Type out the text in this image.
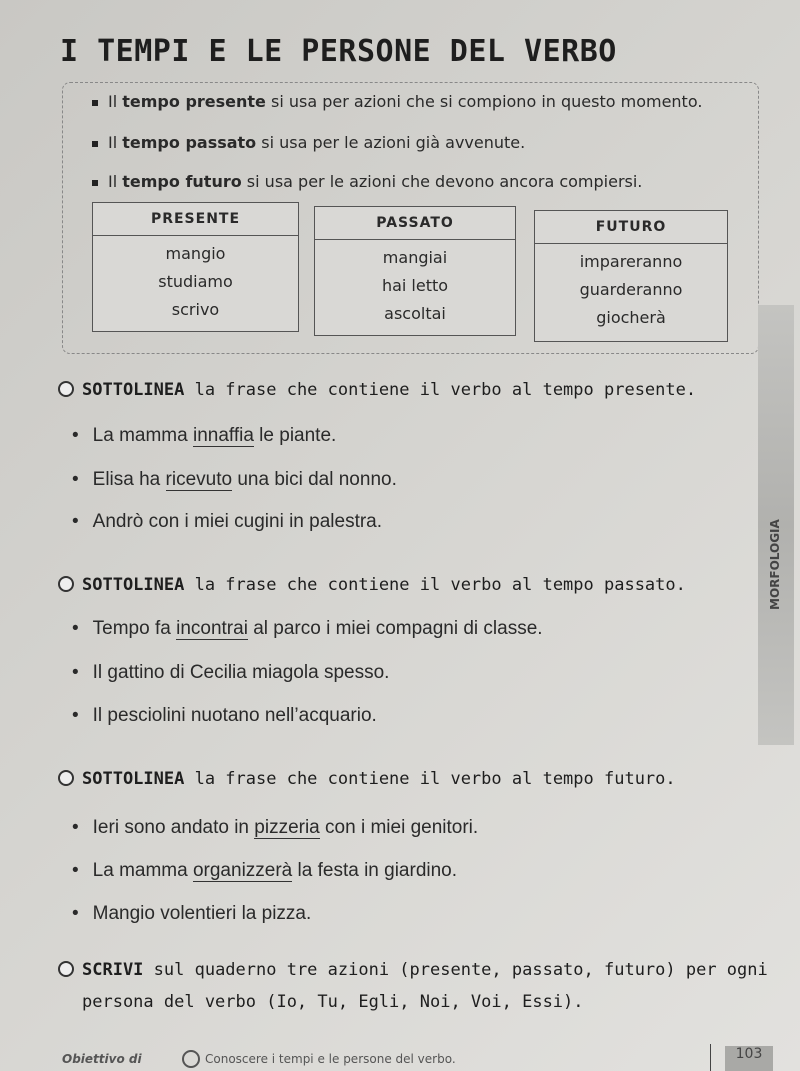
I TEMPI E LE PERSONE DEL VERBO
Il tempo presente si usa per azioni che si compiono in questo momento.
Il tempo passato si usa per le azioni già avvenute.
Il tempo futuro si usa per le azioni che devono ancora compiersi.
PRESENTE
mangio
studiamo
scrivo
PASSATO
mangiai
hai letto
ascoltai
FUTURO
impareranno
guarderanno
giocherà
SOTTOLINEA la frase che contiene il verbo al tempo presente.
• La mamma innaffia le piante.
• Elisa ha ricevuto una bici dal nonno.
• Andrò con i miei cugini in palestra.
SOTTOLINEA la frase che contiene il verbo al tempo passato.
• Tempo fa incontrai al parco i miei compagni di classe.
• Il gattino di Cecilia miagola spesso.
• Il pesciolini nuotano nell’acquario.
SOTTOLINEA la frase che contiene il verbo al tempo futuro.
• Ieri sono andato in pizzeria con i miei genitori.
• La mamma organizzerà la festa in giardino.
• Mangio volentieri la pizza.
SCRIVI sul quaderno tre azioni (presente, passato, futuro) per ogni
persona del verbo (Io, Tu, Egli, Noi, Voi, Essi).
MORFOLOGIA
Obiettivo di	Conoscere i tempi e le persone del verbo.	103
